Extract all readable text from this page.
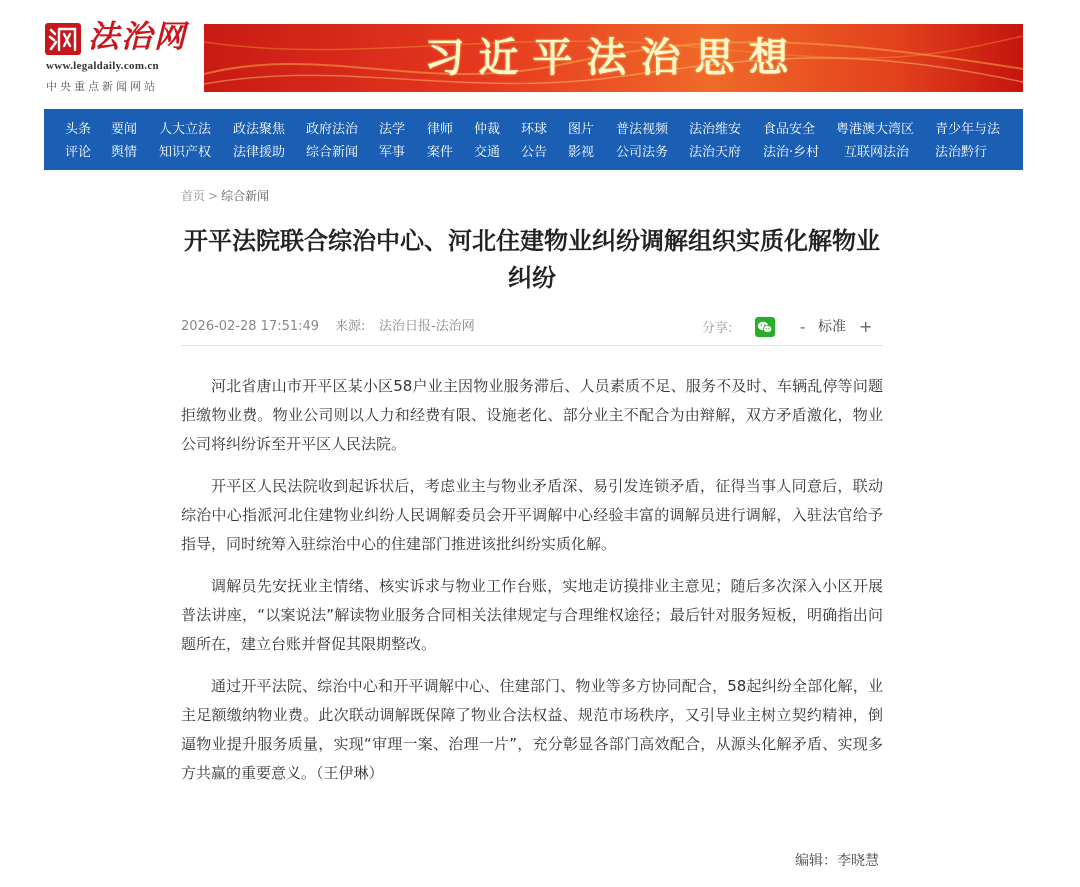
法治网
www.legaldaily.com.cn
中央重点新闻网站
习近平法治思想
头条 要闻 人大立法 政法聚焦 政府法治 法学 律师 仲裁 环球 图片 普法视频 法治维安 食品安全 粤港澳大湾区 青少年与法
评论 舆情 知识产权 法律援助 综合新闻 军事 案件 交通 公告 影视 公司法务 法治天府 法治·乡村 互联网法治 法治黔行
首页 > 综合新闻
开平法院联合综治中心、河北住建物业纠纷调解组织实质化解物业纠纷
2026-02-28 17:51:49 来源: 法治日报-法治网	分享:	- 标准 +

河北省唐山市开平区某小区58户业主因物业服务滞后、人员素质不足、服务不及时、车辆乱停等问题拒缴物业费。物业公司则以人力和经费有限、设施老化、部分业主不配合为由辩解，双方矛盾激化，物业公司将纠纷诉至开平区人民法院。

开平区人民法院收到起诉状后，考虑业主与物业矛盾深、易引发连锁矛盾，征得当事人同意后，联动综治中心指派河北住建物业纠纷人民调解委员会开平调解中心经验丰富的调解员进行调解，入驻法官给予指导，同时统筹入驻综治中心的住建部门推进该批纠纷实质化解。

调解员先安抚业主情绪、核实诉求与物业工作台账，实地走访摸排业主意见；随后多次深入小区开展普法讲座，“以案说法”解读物业服务合同相关法律规定与合理维权途径；最后针对服务短板，明确指出问题所在，建立台账并督促其限期整改。

通过开平法院、综治中心和开平调解中心、住建部门、物业等多方协同配合，58起纠纷全部化解，业主足额缴纳物业费。此次联动调解既保障了物业合法权益、规范市场秩序，又引导业主树立契约精神，倒逼物业提升服务质量，实现“审理一案、治理一片”，充分彰显各部门高效配合，从源头化解矛盾、实现多方共赢的重要意义。（王伊琳）

编辑：李晓慧
